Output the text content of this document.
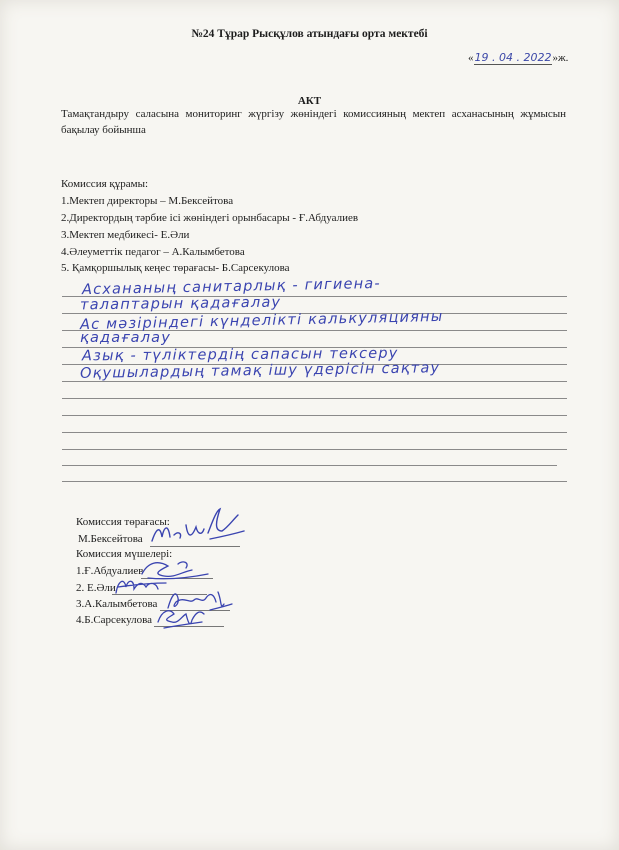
№24 Тұрар Рысқұлов атындағы орта мектебі
«19 . 04 . 2022»ж.
АКТ
Тамақтандыру саласына мониторинг жүргізу жөніндегі комиссияның мектеп асханасының жұмысын бақылау бойынша
Комиссия құрамы:
1.Мектеп директоры – М.Бексейтова
2.Директордың тәрбие ісі жөніндегі орынбасары - Ғ.Абдуалиев
3.Мектеп медбикесі- Е.Әли
4.Әлеуметтік педагог – А.Калымбетова
5. Қамқоршылық кеңес төрағасы- Б.Сарсекулова
Асхананың санитарлық - гигиена-
талаптарын қадағалау
Ас мәзіріндегі күнделікті калькуляцияны
қадағалау
Азық - түліктердің сапасын тексеру
Оқушылардың тамақ ішу үдерісін сақтау
Комиссия төрағасы:
М.Бексейтова
Комиссия мүшелері:
1.Ғ.Абдуалиев
2. Е.Әли
3.А.Калымбетова
4.Б.Сарсекулова
